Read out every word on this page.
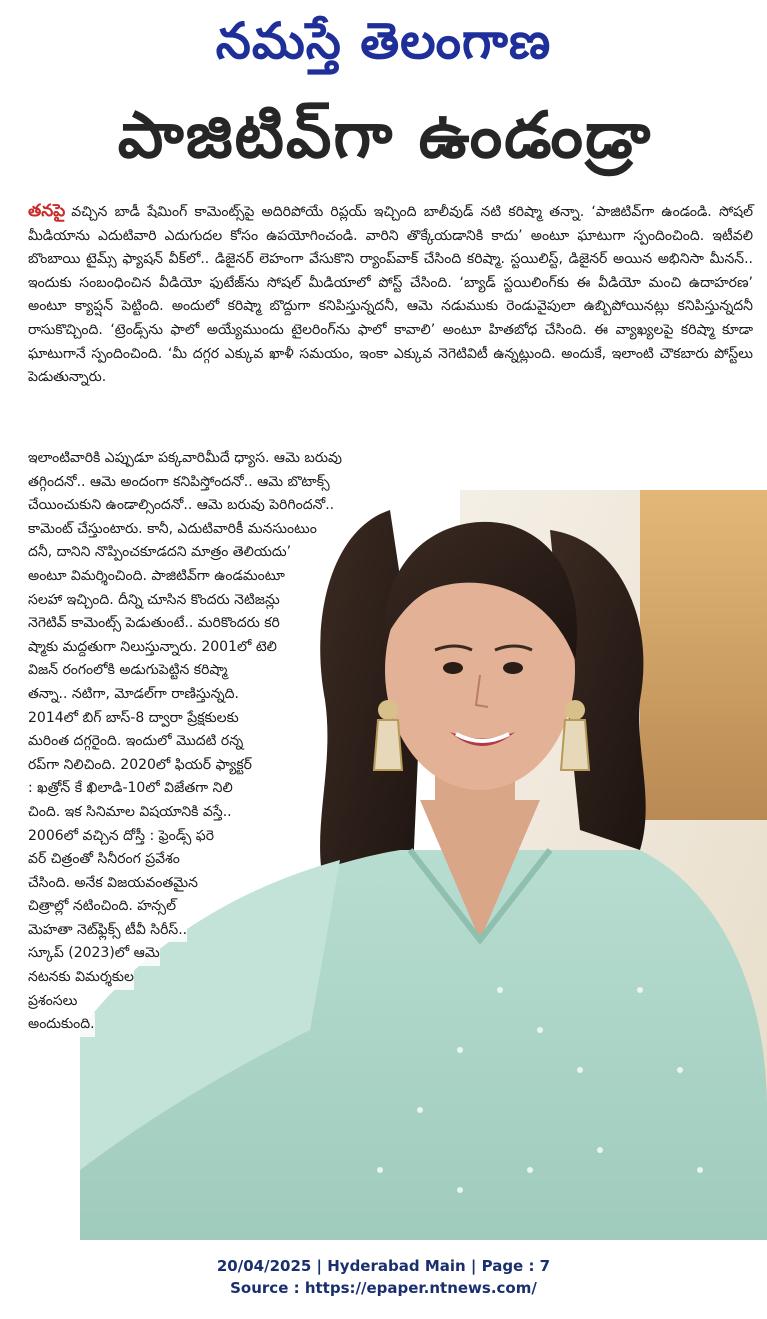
నమస్తే తెలంగాణ
పాజిటివ్‌గా ఉండండ్రా
తనపై వచ్చిన బాడీ షేమింగ్ కామెంట్స్‌పై అదిరిపోయే రిప్లయ్ ఇచ్చింది బాలీవుడ్ నటి కరిష్మా తన్నా. ‘పాజిటివ్‌గా ఉండండి. సోషల్ మీడియాను ఎదుటివారి ఎదుగుదల కోసం ఉపయోగించండి. వారిని తొక్కేయడానికి కాదు’ అంటూ ఘాటుగా స్పందించింది. ఇటీవలి బొంబాయి టైమ్స్ ఫ్యాషన్ వీక్‌లో.. డిజైనర్ లెహంగా వేసుకొని ర్యాంప్‌వాక్ చేసింది కరిష్మా. స్టయిలిస్ట్, డిజైనర్ అయిన అభినిసా మీనన్.. ఇందుకు సంబంధించిన వీడియో ఫుటేజ్‌ను సోషల్ మీడియాలో పోస్ట్ చేసింది. ‘బ్యాడ్ స్టయిలింగ్‌కు ఈ వీడియో మంచి ఉదాహరణ’ అంటూ క్యాప్షన్ పెట్టింది. అందులో కరిష్మా బొద్దుగా కనిపిస్తున్నదనీ, ఆమె నడుముకు రెండువైపులా ఉబ్బిపోయినట్లు కనిపిస్తున్నదనీ రాసుకొచ్చింది. ‘ట్రెండ్స్‌ను ఫాలో అయ్యేముందు టైలరింగ్‌ను ఫాలో కావాలి’ అంటూ హితబోధ చేసింది. ఈ వ్యాఖ్యలపై కరిష్మా కూడా ఘాటుగానే స్పందించింది. ‘మీ దగ్గర ఎక్కువ ఖాళీ సమయం, ఇంకా ఎక్కువ నెగెటివిటీ ఉన్నట్లుంది. అందుకే, ఇలాంటి చౌకబారు పోస్ట్‌లు పెడుతున్నారు.
ఇలాంటివారికి ఎప్పుడూ పక్కవారిమీదే ధ్యాస. ఆమె బరువు
తగ్గిందనో.. ఆమె అందంగా కనిపిస్తోందనో.. ఆమె బొటాక్స్
చేయించుకుని ఉండాల్సిందనో.. ఆమె బరువు పెరిగిందనో..
కామెంట్ చేస్తుంటారు. కానీ, ఎదుటివారికీ మనసుంటుం
దనీ, దానిని నొప్పించకూడదని మాత్రం తెలియదు’
అంటూ విమర్శించింది. పాజిటివ్‌గా ఉండమంటూ
సలహా ఇచ్చింది. దీన్ని చూసిన కొందరు నెటిజన్లు
నెగెటివ్ కామెంట్స్ పెడుతుంటే.. మరికొందరు కరి
ష్మాకు మద్దతుగా నిలుస్తున్నారు. 2001లో టెలి
విజన్ రంగంలోకి అడుగుపెట్టిన కరిష్మా
తన్నా.. నటిగా, మోడల్‌గా రాణిస్తున్నది.
2014లో బిగ్ బాస్-8 ద్వారా ప్రేక్షకులకు
మరింత దగ్గరైంది. ఇందులో మొదటి రన్న
రప్‌గా నిలిచింది. 2020లో ఫియర్ ఫ్యాక్టర్
: ఖత్రోన్ కే ఖిలాడి-10లో విజేతగా నిలి
చింది. ఇక సినిమాల విషయానికి వస్తే..
2006లో వచ్చిన దోస్తీ : ఫ్రెండ్స్ ఫరె
వర్ చిత్రంతో సినీరంగ ప్రవేశం
చేసింది. అనేక విజయవంతమైన
చిత్రాల్లో నటించింది. హన్సల్
మెహతా నెట్‌ఫ్లిక్స్ టీవీ సిరీస్..
స్కూప్ (2023)లో ఆమె
నటనకు విమర్శకుల
ప్రశంసలు
అందుకుంది.
20/04/2025 | Hyderabad Main | Page : 7
Source : https://epaper.ntnews.com/
